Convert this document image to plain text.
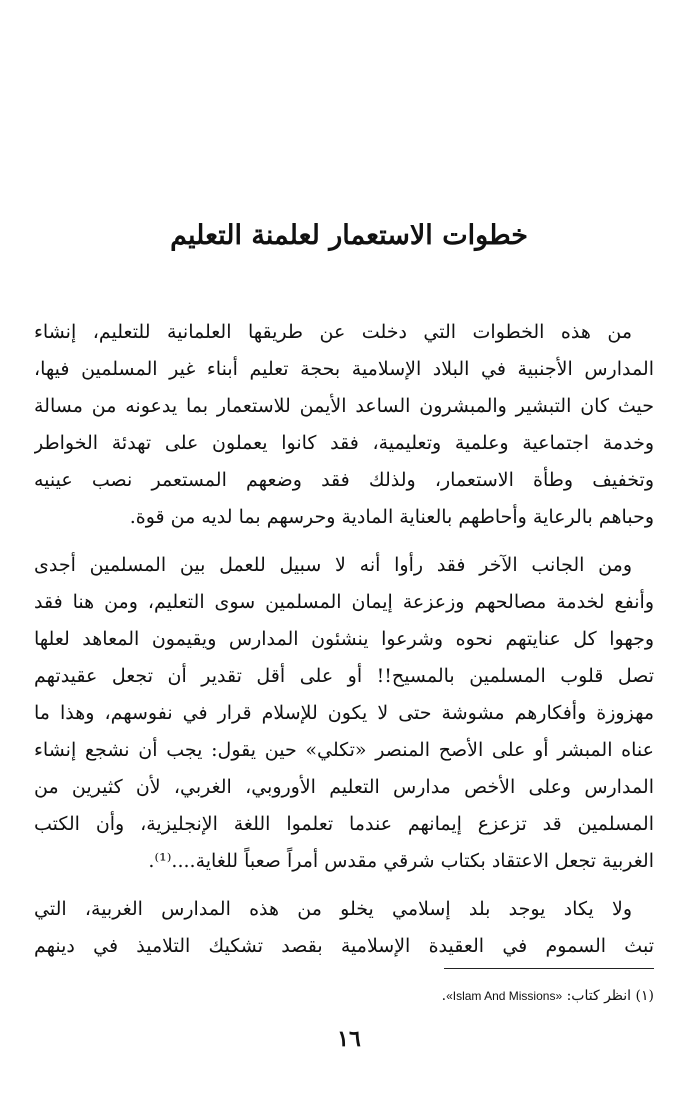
خطوات الاستعمار لعلمنة التعليم

من هذه الخطوات التي دخلت عن طريقها العلمانية للتعليم، إنشاء
المدارس الأجنبية في البلاد الإسلامية بحجة تعليم أبناء غير المسلمين فيها،
حيث كان التبشير والمبشرون الساعد الأيمن للاستعمار بما يدعونه من مسالة
وخدمة اجتماعية وعلمية وتعليمية، فقد كانوا يعملون على تهدئة الخواطر
وتخفيف وطأة الاستعمار، ولذلك فقد وضعهم المستعمر نصب عينيه
وحباهم بالرعاية وأحاطهم بالعناية المادية وحرسهم بما لديه من قوة.

ومن الجانب الآخر فقد رأوا أنه لا سبيل للعمل بين المسلمين أجدى
وأنفع لخدمة مصالحهم وزعزعة إيمان المسلمين سوى التعليم، ومن هنا فقد
وجهوا كل عنايتهم نحوه وشرعوا ينشئون المدارس ويقيمون المعاهد لعلها
تصل قلوب المسلمين بالمسيح!! أو على أقل تقدير أن تجعل عقيدتهم
مهزوزة وأفكارهم مشوشة حتى لا يكون للإسلام قرار في نفوسهم، وهذا ما
عناه المبشر أو على الأصح المنصر «تكلي» حين يقول: يجب أن نشجع إنشاء
المدارس وعلى الأخص مدارس التعليم الأوروبي، الغربي، لأن كثيرين من
المسلمين قد تزعزع إيمانهم عندما تعلموا اللغة الإنجليزية، وأن الكتب
الغربية تجعل الاعتقاد بكتاب شرقي مقدس أمراً صعباً للغاية....⁽¹⁾.

ولا يكاد يوجد بلد إسلامي يخلو من هذه المدارس الغربية، التي
تبث السموم في العقيدة الإسلامية بقصد تشكيك التلاميذ في دينهم

(١) انظر كتاب: «Islam And Missions».
١٦
